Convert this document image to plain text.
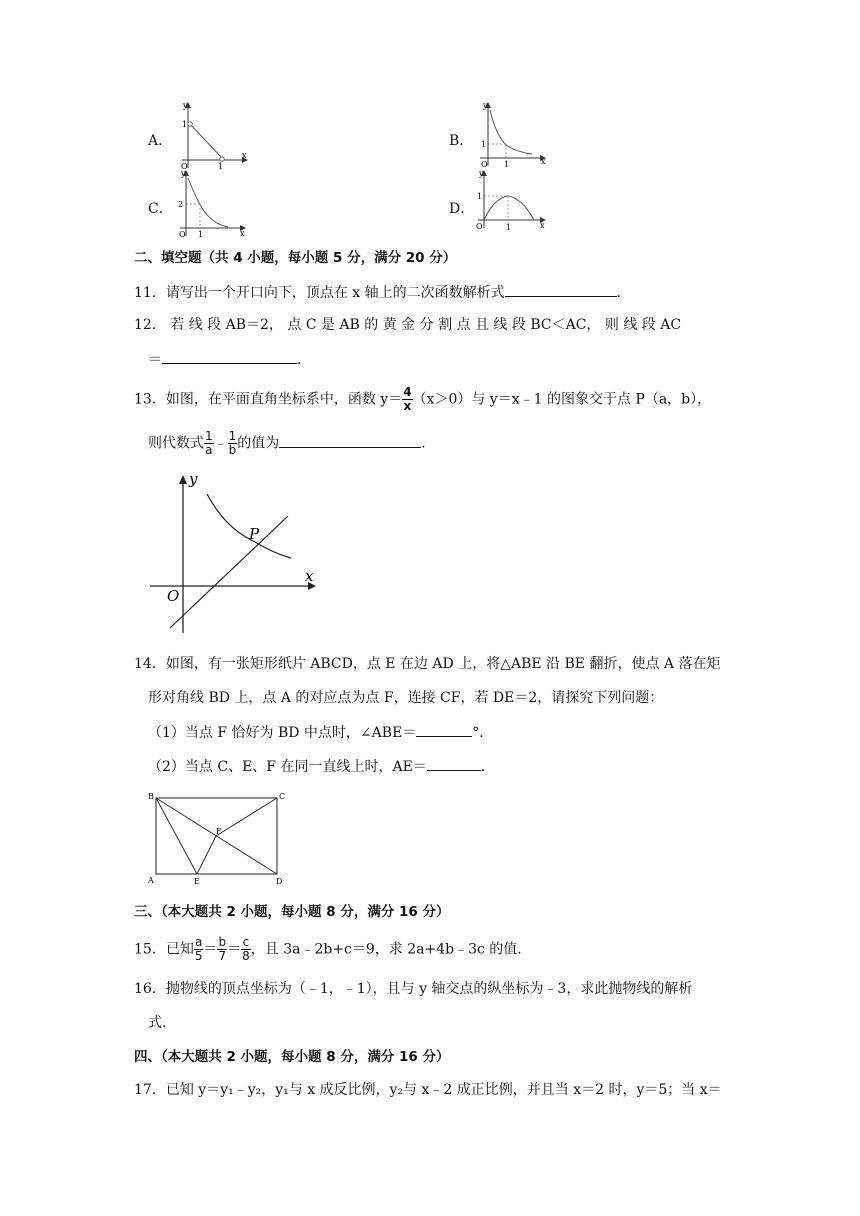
A．
y
x
O
1
1
B．
y
x
O
1
1
C．
y
x
O
2
1
D．
y
x
O
1
1
二、填空题（共 4 小题，每小题 5 分，满分 20 分）
11．请写出一个开口向下，顶点在 x 轴上的二次函数解析式	．
12． 若 线 段 AB＝2， 点 C 是 AB 的 黄 金 分 割 点 且 线 段 BC＜AC， 则 线 段 AC
＝	．
13．如图，在平面直角坐标系中，函数 $y= \frac{4}{x} (x>0)$与 y＝x﹣1 的图象交于点 P（a，b），
则代数式 $\frac{1}{a}$ ﹣ $\frac{1}{b}$ 的值为	．
y
x
O
P
14．如图，有一张矩形纸片 ABCD，点 E 在边 AD 上，将△ABE 沿 BE 翻折，使点 A 落在矩
形对角线 BD 上，点 A 的对应点为点 F，连接 CF，若 DE＝2，请探究下列问题：
（1）当点 F 恰好为 BD 中点时，∠ABE＝	°．
（2）当点 C、E、F 在同一直线上时，AE＝	．
B	C
A	E	D
F
三、（本大题共 2 小题，每小题 8 分，满分 16 分）
15．已知 $\frac{a}{5} = \frac{b}{7} = \frac{c}{8}$ ，且 3a﹣2b+c＝9，求 2a+4b﹣3c 的值．
16．抛物线的顶点坐标为（﹣1，﹣1），且与 y 轴交点的纵坐标为﹣3，求此抛物线的解析
式．
四、（本大题共 2 小题，每小题 8 分，满分 16 分）
17．已知 y＝y₁﹣y₂，y₁与 x 成反比例，y₂与 x﹣2 成正比例，并且当 x＝2 时，y＝5；当 x＝
